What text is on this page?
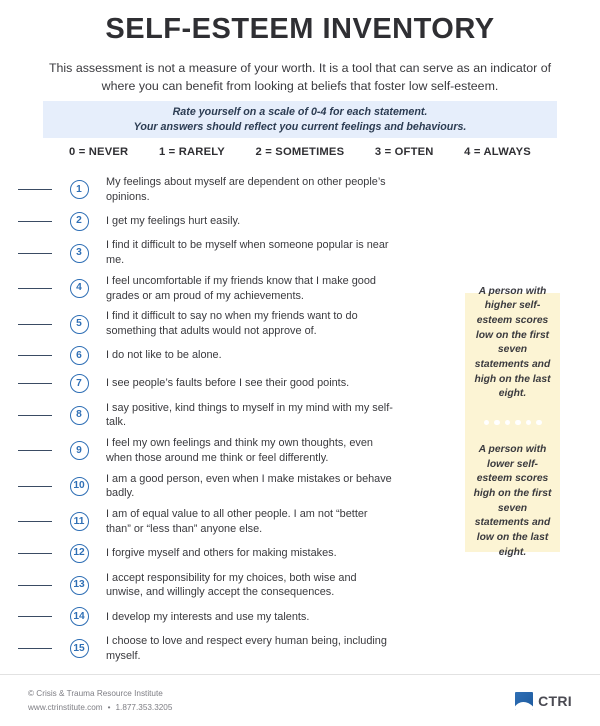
SELF-ESTEEM INVENTORY

This assessment is not a measure of your worth. It is a tool that can serve as an indicator of where you can benefit from looking at beliefs that foster low self-esteem.

Rate yourself on a scale of 0-4 for each statement.
Your answers should reflect you current feelings and behaviours.
0 = NEVER	1 = RARELY	2 = SOMETIMES	3 = OFTEN	4 = ALWAYS
1
My feelings about myself are dependent on other people’s opinions.
2	I get my feelings hurt easily.
3
I find it difficult to be myself when someone popular is near me.
4
I feel uncomfortable if my friends know that I make good grades or am proud of my achievements.
5
I find it difficult to say no when my friends want to do something that adults would not approve of.
6	I do not like to be alone.
7	I see people’s faults before I see their good points.
8
I say positive, kind things to myself in my mind with my self-talk.
9
I feel my own feelings and think my own thoughts, even when those around me think or feel differently.
10
I am a good person, even when I make mistakes or behave badly.
11
I am of equal value to all other people. I am not “better than” or “less than” anyone else.
12	I forgive myself and others for making mistakes.
13
I accept responsibility for my choices, both wise and unwise, and willingly accept the consequences.
14	I develop my interests and use my talents.
15
I choose to love and respect every human being, including myself.

A person with higher self-esteem scores low on the first seven statements and high on the last eight.

A person with lower self-esteem scores high on the first seven statements and low on the last eight.

© Crisis & Trauma Resource Institute
www.ctrinstitute.com • 1.877.353.3205	CTRI
